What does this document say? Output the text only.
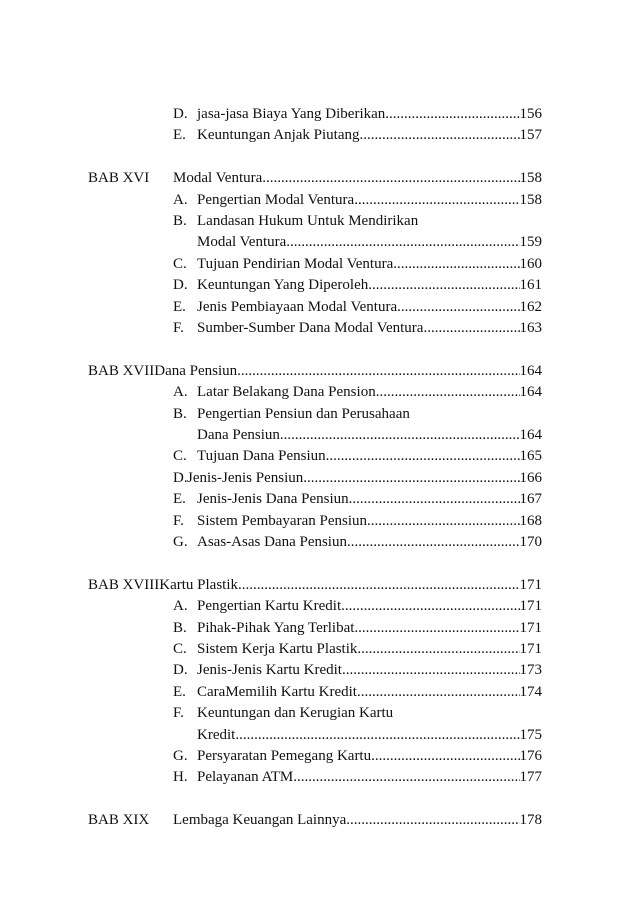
D. jasa-jasa Biaya Yang Diberikan .....	156
E. Keuntungan Anjak Piutang .....	157
BAB XVI Modal Ventura .....	158
A. Pengertian Modal Ventura .....	158
B. Landasan Hukum Untuk Mendirikan
Modal Ventura.. .....	159
C. Tujuan Pendirian Modal Ventura .....	160
D. Keuntungan Yang Diperoleh .....	161
E. Jenis Pembiayaan Modal Ventura .....	162
F. Sumber-Sumber Dana Modal Ventura .....	163
BAB XVII Dana Pensiun .....	164
A. Latar Belakang Dana Pension .....	164
B. Pengertian Pensiun dan Perusahaan
Dana Pensiun .....	164
C. Tujuan Dana Pensiun .....	165
D. Jenis-Jenis Pensiun .....	166
E. Jenis-Jenis Dana Pensiun .....	167
F. Sistem Pembayaran Pensiun .....	168
G. Asas-Asas Dana Pensiun .....	170
BAB XVIII Kartu Plastik .....	171
A. Pengertian Kartu Kredit .....	171
B. Pihak-Pihak Yang Terlibat .....	171
C. Sistem Kerja Kartu Plastik .....	171
D. Jenis-Jenis Kartu Kredit .....	173
E. CaraMemilih Kartu Kredit .....	174
F. Keuntungan dan Kerugian Kartu
Kredit .....	175
G. Persyaratan Pemegang Kartu .....	176
H. Pelayanan ATM .....	177
BAB XIX Lembaga Keuangan Lainnya .....	178
